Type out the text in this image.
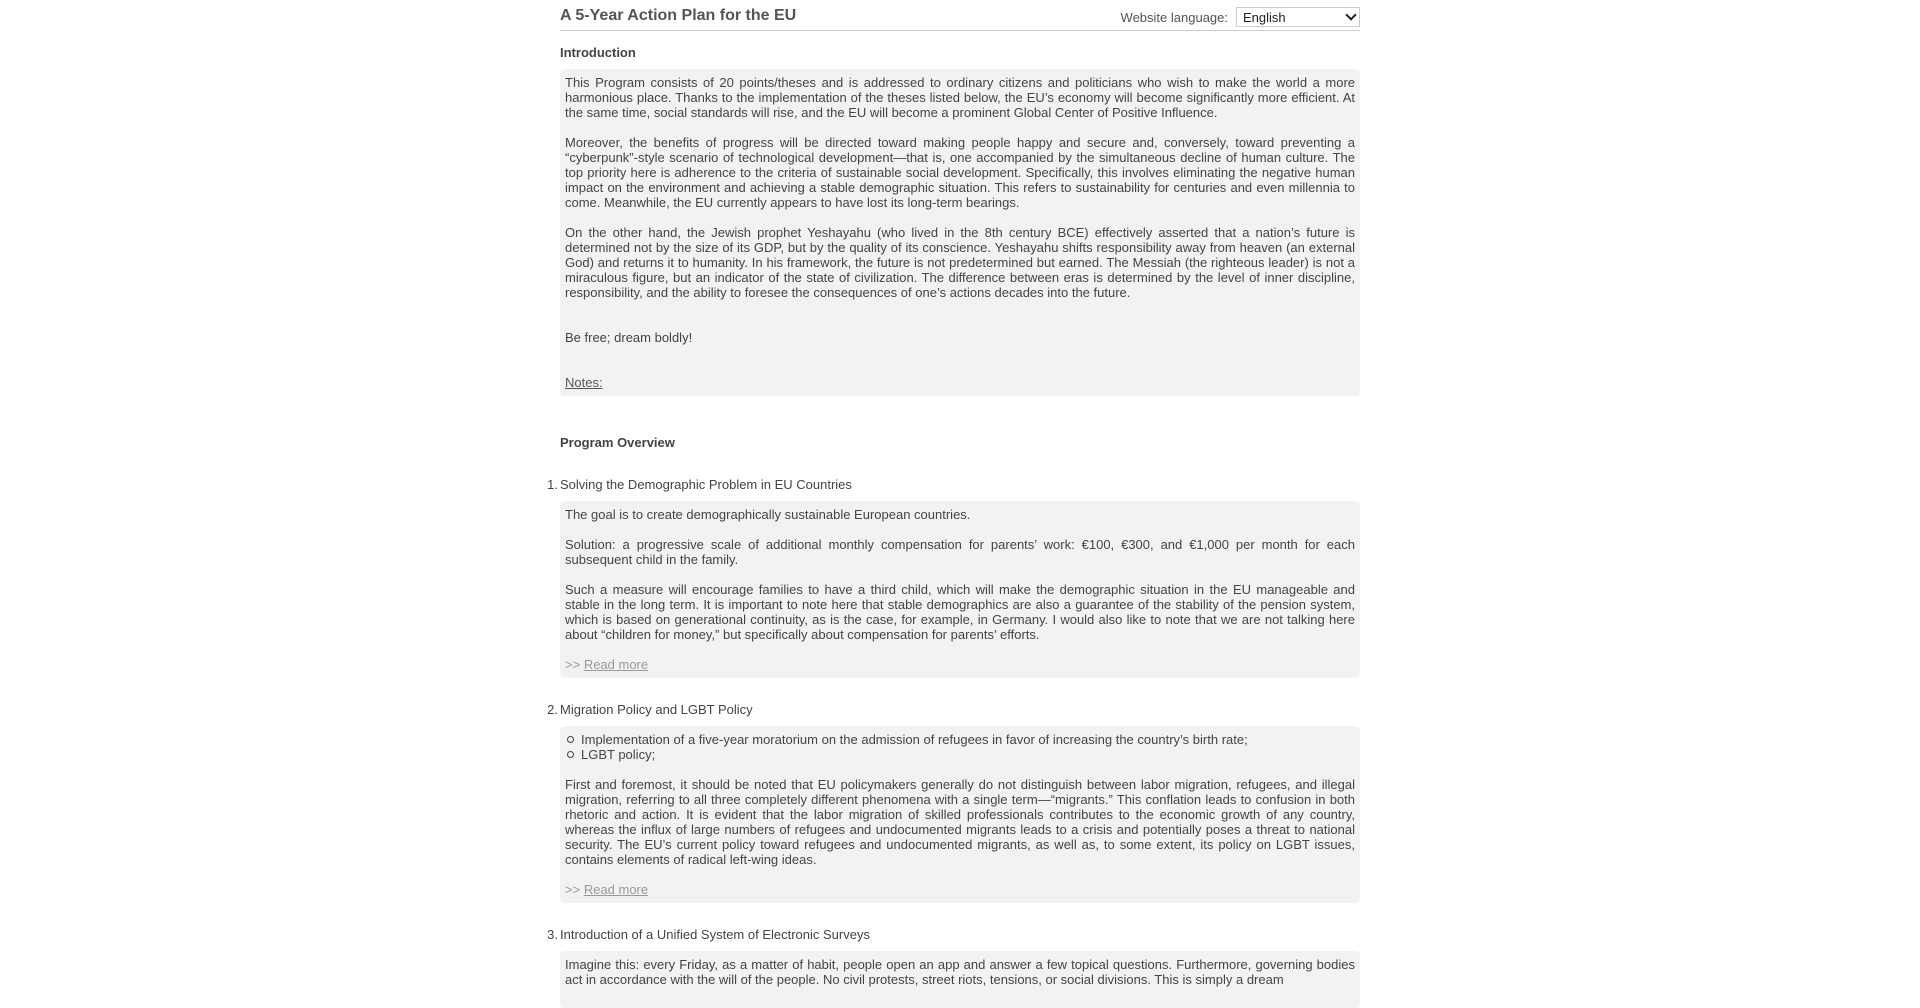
A 5-Year Action Plan for the EU	Website language: English
Introduction

This Program consists of 20 points/theses and is addressed to ordinary citizens and politicians who wish to make the world a more harmonious place. Thanks to the implementation of the theses listed below, the EU’s economy will become significantly more efficient. At the same time, social standards will rise, and the EU will become a prominent Global Center of Positive Influence.

Moreover, the benefits of progress will be directed toward making people happy and secure and, conversely, toward preventing a “cyberpunk”-style scenario of technological development—that is, one accompanied by the simultaneous decline of human culture. The top priority here is adherence to the criteria of sustainable social development. Specifically, this involves eliminating the negative human impact on the environment and achieving a stable demographic situation. This refers to sustainability for centuries and even millennia to come. Meanwhile, the EU currently appears to have lost its long-term bearings.

On the other hand, the Jewish prophet Yeshayahu (who lived in the 8th century BCE) effectively asserted that a nation’s future is determined not by the size of its GDP, but by the quality of its conscience. Yeshayahu shifts responsibility away from heaven (an external God) and returns it to humanity. In his framework, the future is not predetermined but earned. The Messiah (the righteous leader) is not a miraculous figure, but an indicator of the state of civilization. The difference between eras is determined by the level of inner discipline, responsibility, and the ability to foresee the consequences of one’s actions decades into the future.

Be free; dream boldly!

Notes:

Program Overview
1. Solving the Demographic Problem in EU Countries

The goal is to create demographically sustainable European countries.

Solution: a progressive scale of additional monthly compensation for parents’ work: €100, €300, and €1,000 per month for each subsequent child in the family.

Such a measure will encourage families to have a third child, which will make the demographic situation in the EU manageable and stable in the long term. It is important to note here that stable demographics are also a guarantee of the stability of the pension system, which is based on generational continuity, as is the case, for example, in Germany. I would also like to note that we are not talking here about “children for money,” but specifically about compensation for parents’ efforts.

>> Read more

2. Migration Policy and LGBT Policy
Implementation of a five-year moratorium on the admission of refugees in favor of increasing the country’s birth rate;
LGBT policy;

First and foremost, it should be noted that EU policymakers generally do not distinguish between labor migration, refugees, and illegal migration, referring to all three completely different phenomena with a single term—“migrants.” This conflation leads to confusion in both rhetoric and action. It is evident that the labor migration of skilled professionals contributes to the economic growth of any country, whereas the influx of large numbers of refugees and undocumented migrants leads to a crisis and potentially poses a threat to national security. The EU’s current policy toward refugees and undocumented migrants, as well as, to some extent, its policy on LGBT issues, contains elements of radical left-wing ideas.

>> Read more

3. Introduction of a Unified System of Electronic Surveys

Imagine this: every Friday, as a matter of habit, people open an app and answer a few topical questions. Furthermore, governing bodies act in accordance with the will of the people. No civil protests, street riots, tensions, or social divisions. This is simply a dream
